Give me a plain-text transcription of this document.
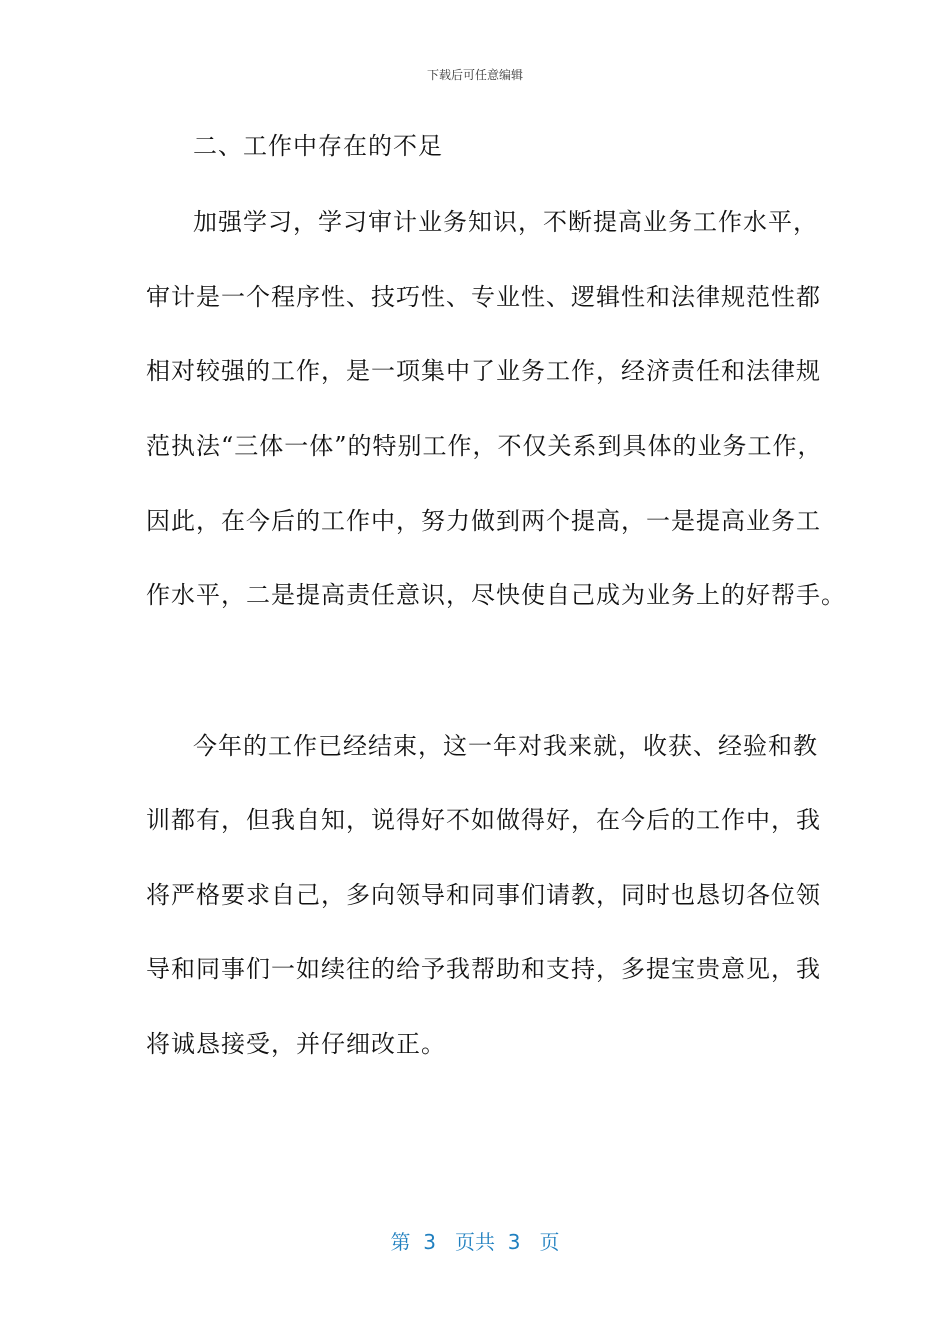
下载后可任意编辑
二、工作中存在的不足
加强学习，学习审计业务知识，不断提高业务工作水平，
审计是一个程序性、技巧性、专业性、逻辑性和法律规范性都
相对较强的工作，是一项集中了业务工作，经济责任和法律规
范执法“三体一体”的特别工作，不仅关系到具体的业务工作，
因此，在今后的工作中，努力做到两个提高，一是提高业务工
作水平，二是提高责任意识，尽快使自己成为业务上的好帮手。
今年的工作已经结束，这一年对我来就，收获、经验和教
训都有，但我自知，说得好不如做得好，在今后的工作中，我
将严格要求自己，多向领导和同事们请教，同时也恳切各位领
导和同事们一如续往的给予我帮助和支持，多提宝贵意见，我
将诚恳接受，并仔细改正。
第  3   页共  3   页
